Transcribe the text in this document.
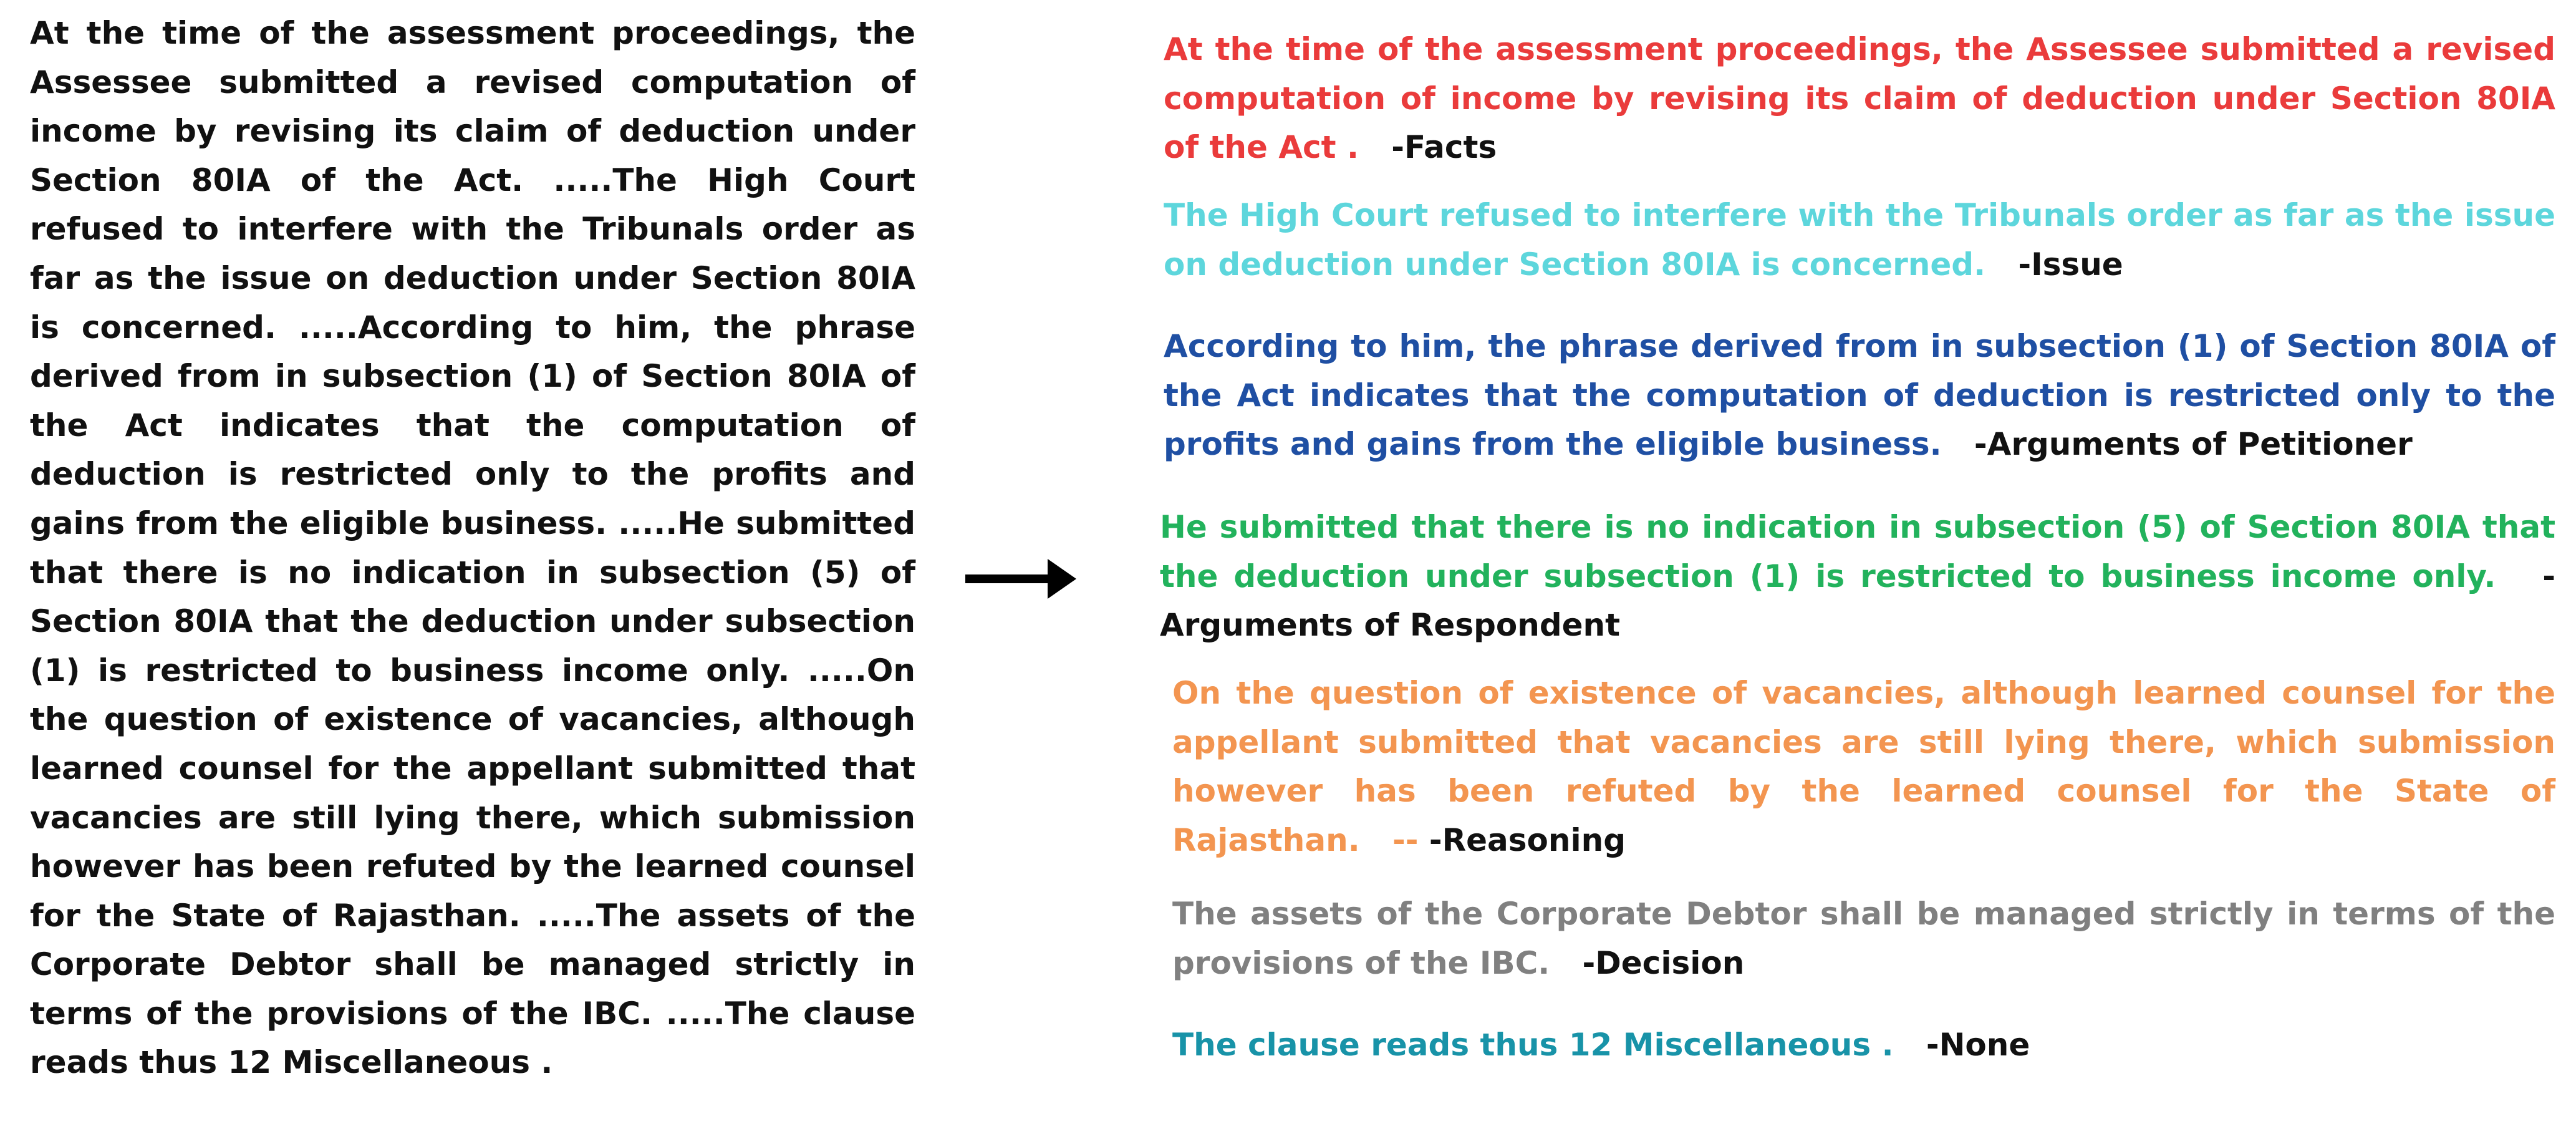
At the time of the assessment proceedings, the Assessee submitted a revised computation of income by revising its claim of deduction under Section 80IA of the Act. .....The High Court refused to interfere with the Tribunals order as far as the issue on deduction under Section 80IA is concerned. .....According to him, the phrase derived from in subsection (1) of Section 80IA of the Act indicates that the computation of deduction is restricted only to the profits and gains from the eligible business. .....He submitted that there is no indication in subsection (5) of Section 80IA that the deduction under subsection (1) is restricted to business income only. .....On the question of existence of vacancies, although learned counsel for the appellant submitted that vacancies are still lying there, which submission however has been refuted by the learned counsel for the State of Rajasthan. .....The assets of the Corporate Debtor shall be managed strictly in terms of the provisions of the IBC. .....The clause reads thus 12 Miscellaneous .

At the time of the assessment proceedings, the Assessee submitted a revised computation of income by revising its claim of deduction under Section 80IA of the Act . -Facts

The High Court refused to interfere with the Tribunals order as far as the issue on deduction under Section 80IA is concerned. -Issue

According to him, the phrase derived from in subsection (1) of Section 80IA of the Act indicates that the computation of deduction is restricted only to the profits and gains from the eligible business. -Arguments of Petitioner

He submitted that there is no indication in subsection (5) of Section 80IA that the deduction under subsection (1) is restricted to business income only. -Arguments of Respondent

On the question of existence of vacancies, although learned counsel for the appellant submitted that vacancies are still lying there, which submission however has been refuted by the learned counsel for the State of Rajasthan. -- -Reasoning

The assets of the Corporate Debtor shall be managed strictly in terms of the provisions of the IBC. -Decision

The clause reads thus 12 Miscellaneous . -None
